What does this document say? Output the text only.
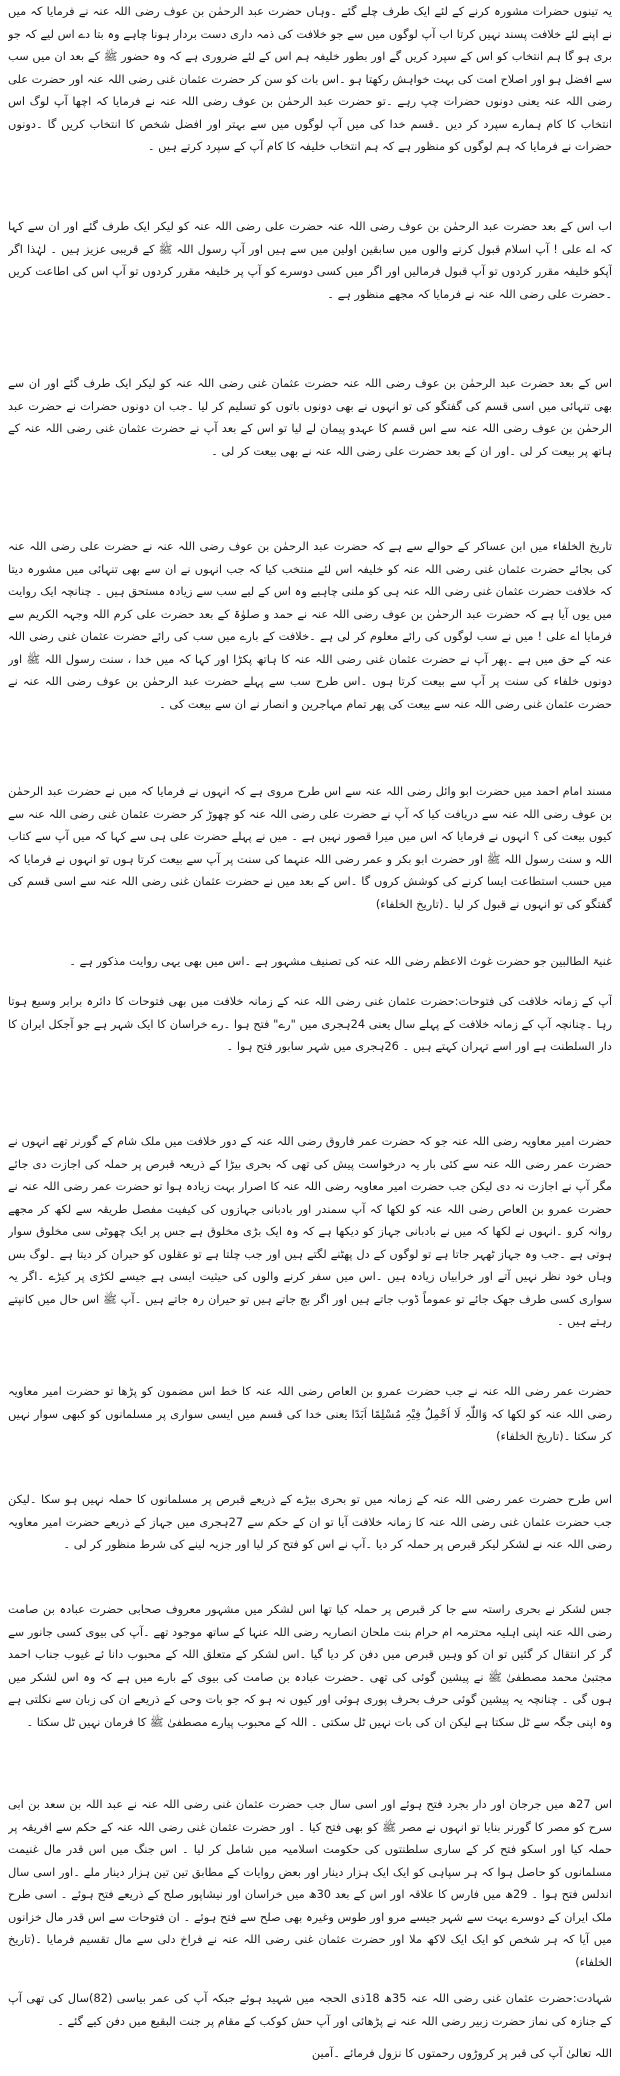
یہ تینوں حضرات مشورہ کرنے کے لئے ایک طرف چلے گئے ۔وہاں حضرت عبد الرحمٰن بن عوف رضی اللہ عنہ نے فرمایا کہ میں نے اپنے لئے خلافت پسند نہیں کرتا اب آپ لوگوں میں سے جو خلافت کی ذمہ داری دست بردار ہونا چاہے وہ بتا دے اس لیے کہ جو بری ہو گا ہم انتخاب کو اس کے سپرد کریں گے اور بطور خلیفہ ہم اس کے لئے ضروری ہے کہ وہ حضور ﷺ کے بعد ان میں سب سے افضل ہو اور اصلاح امت کی بہت خواہش رکھتا ہو ۔اس بات کو سن کر حضرت عثمان غنی رضی اللہ عنہ اور حضرت علی رضی اللہ عنہ یعنی دونوں حضرات چپ رہے ۔تو حضرت عبد الرحمٰن بن عوف رضی اللہ عنہ نے فرمایا کہ اچھا آپ لوگ اس انتخاب کا کام ہمارے سپرد کر دیں ۔قسم خدا کی میں آپ لوگوں میں سے بہتر اور افضل شخص کا انتخاب کریں گا ۔دونوں حضرات نے فرمایا کہ ہم لوگوں کو منظور ہے کہ ہم انتخاب خلیفہ کا کام آپ کے سپرد کرتے ہیں ۔

اب اس کے بعد حضرت عبد الرحمٰن بن عوف رضی اللہ عنہ حضرت علی رضی اللہ عنہ کو لیکر ایک طرف گئے اور ان سے کہا کہ اے علی ! آپ اسلام قبول کرنے والوں میں سابقین اولین میں سے ہیں اور آپ رسول اللہ ﷺ کے قریبی عزیز ہیں ۔ لہٰذا اگر آپکو خلیفہ مقرر کردوں تو آپ قبول فرمالیں اور اگر میں کسی دوسرے کو آپ پر خلیفہ مقرر کردوں تو آپ اس کی اطاعت کریں ۔حضرت علی رضی اللہ عنہ نے فرمایا کہ مجھے منظور ہے ۔

اس کے بعد حضرت عبد الرحمٰن بن عوف رضی اللہ عنہ حضرت عثمان غنی رضی اللہ عنہ کو لیکر ایک طرف گئے اور ان سے بھی تنہائی میں اسی قسم کی گفتگو کی تو انہوں نے بھی دونوں باتوں کو تسلیم کر لیا ۔جب ان دونوں حضرات نے حضرت عبد الرحمٰن بن عوف رضی اللہ عنہ سے اس قسم کا عہدو پیمان لے لیا تو اس کے بعد آپ نے حضرت عثمان غنی رضی اللہ عنہ کے ہاتھ پر بیعت کر لی ۔اور ان کے بعد حضرت علی رضی اللہ عنہ نے بھی بیعت کر لی ۔

تاریخ الخلفاء میں ابن عساکر کے حوالے سے ہے کہ حضرت عبد الرحمٰن بن عوف رضی اللہ عنہ نے حضرت علی رضی اللہ عنہ کی بجائے حضرت عثمان غنی رضی اللہ عنہ کو خلیفہ اس لئے منتخب کیا کہ جب انہوں نے ان سے بھی تنہائی میں مشورہ دیتا کہ خلافت حضرت عثمان غنی رضی اللہ عنہ ہی کو ملنی چاہیے وہ اس کے لیے سب سے زیادہ مستحق ہیں ۔ چنانچہ ایک روایت میں یوں آیا ہے کہ حضرت عبد الرحمٰن بن عوف رضی اللہ عنہ نے حمد و صلوٰۃ کے بعد حضرت علی کرم اللہ وجہہ الکریم سے فرمایا اے علی ! میں نے سب لوگوں کی رائے معلوم کر لی ہے ۔خلافت کے بارے میں سب کی رائے حضرت عثمان غنی رضی اللہ عنہ کے حق میں ہے ۔پھر آپ نے حضرت عثمان غنی رضی اللہ عنہ کا ہاتھ پکڑا اور کہا کہ میں خدا ، سنت رسول اللہ ﷺ اور دونوں خلفاء کی سنت پر آپ سے بیعت کرتا ہوں ۔اس طرح سب سے پہلے حضرت عبد الرحمٰن بن عوف رضی اللہ عنہ نے حضرت عثمان غنی رضی اللہ عنہ سے بیعت کی پھر تمام مہاجرین و انصار نے ان سے بیعت کی ۔

مسند امام احمد میں حضرت ابو وائل رضی اللہ عنہ سے اس طرح مروی ہے کہ انہوں نے فرمایا کہ میں نے حضرت عبد الرحمٰن بن عوف رضی اللہ عنہ سے دریافت کیا کہ آپ نے حضرت علی رضی اللہ عنہ کو چھوڑ کر حضرت عثمان غنی رضی اللہ عنہ سے کیوں بیعت کی ؟ انہوں نے فرمایا کہ اس میں میرا قصور نہیں ہے ۔ میں نے پہلے حضرت علی ہی سے کہا کہ میں آپ سے کتاب اللہ و سنت رسول اللہ ﷺ اور حضرت ابو بکر و عمر رضی اللہ عنہما کی سنت پر آپ سے بیعت کرتا ہوں تو انہوں نے فرمایا کہ میں حسب استطاعت ایسا کرنے کی کوشش کروں گا ۔اس کے بعد میں نے حضرت عثمان غنی رضی اللہ عنہ سے اسی قسم کی گفتگو کی تو انہوں نے قبول کر لیا ۔(تاریخ الخلفاء)

غنیۃ الطالبین جو حضرت غوث الاعظم رضی اللہ عنہ کی تصنیف مشہور ہے ۔اس میں بھی یہی روایت مذکور ہے ۔

آپ کے زمانہ خلافت کی فتوحات:حضرت عثمان غنی رضی اللہ عنہ کے زمانہ خلافت میں بھی فتوحات کا دائرہ برابر وسیع ہوتا رہا ۔چنانچہ آپ کے زمانہ خلافت کے پہلے سال یعنی 24ہجری میں "رے" فتح ہوا ۔رے خراسان کا ایک شہر ہے جو آجکل ایران کا دار السلطنت ہے اور اسے تہران کہتے ہیں ۔ 26ہجری میں شہر سابور فتح ہوا ۔

حضرت امیر معاویہ رضی اللہ عنہ جو کہ حضرت عمر فاروق رضی اللہ عنہ کے دور خلافت میں ملک شام کے گورنر تھے انہوں نے حضرت عمر رضی اللہ عنہ سے کئی بار یہ درخواست پیش کی تھی کہ بحری بیڑا کے ذریعہ قبرص پر حملہ کی اجازت دی جائے مگر آپ نے اجازت نہ دی لیکن جب حضرت امیر معاویہ رضی اللہ عنہ کا اصرار بہت زیادہ ہوا تو حضرت عمر رضی اللہ عنہ نے حضرت عمرو بن العاص رضی اللہ عنہ کو لکھا کہ آپ سمندر اور بادبانی جہازوں کی کیفیت مفصل طریقہ سے لکھ کر مجھے روانہ کرو ۔انہوں نے لکھا کہ میں نے بادبانی جہاز کو دیکھا ہے کہ وہ ایک بڑی مخلوق ہے جس پر ایک چھوٹی سی مخلوق سوار ہوتی ہے ۔جب وہ جہاز ٹھہر جاتا ہے تو لوگوں کے دل پھٹنے لگتے ہیں اور جب چلتا ہے تو عقلوں کو حیران کر دیتا ہے ۔لوگ بس وہاں خود نظر نہیں آتے اور خرابیاں زیادہ ہیں ۔اس میں سفر کرنے والوں کی حیثیت ایسی ہے جیسے لکڑی پر کیڑے ۔اگر یہ سواری کسی طرف جھک جائے تو عموماً ڈوب جاتے ہیں اور اگر بچ جاتے ہیں تو حیران رہ جاتے ہیں ۔آپ ﷺ اس حال میں کانپتے رہتے ہیں ۔

حضرت عمر رضی اللہ عنہ نے جب حضرت عمرو بن العاص رضی اللہ عنہ کا خط اس مضمون کو پڑھا تو حضرت امیر معاویہ رضی اللہ عنہ کو لکھا کہ وَاللّٰہِ لَا اَحْمِلُ فِیْہِ مُسْلِمًا اَبَدًا یعنی خدا کی قسم میں ایسی سواری پر مسلمانوں کو کبھی سوار نہیں کر سکتا ۔(تاریخ الخلفاء)

اس طرح حضرت عمر رضی اللہ عنہ کے زمانہ میں تو بحری بیڑے کے ذریعے قبرص پر مسلمانوں کا حملہ نہیں ہو سکا ۔لیکن جب حضرت عثمان غنی رضی اللہ عنہ کا زمانہ خلافت آیا تو ان کے حکم سے 27ہجری میں جہاز کے ذریعے حضرت امیر معاویہ رضی اللہ عنہ نے لشکر لیکر قبرص پر حملہ کر دیا ۔آپ نے اس کو فتح کر لیا اور جزیہ لینے کی شرط منظور کر لی ۔

جس لشکر نے بحری راستہ سے جا کر قبرص پر حملہ کیا تھا اس لشکر میں مشہور معروف صحابی حضرت عبادہ بن صامت رضی اللہ عنہ اپنی اہلیہ محترمہ ام حرام بنت ملحان انصاریہ رضی اللہ عنہا کے ساتھ موجود تھے ۔آپ کی بیوی کسی جانور سے گر کر انتقال کر گئیں تو ان کو وہیں قبرص میں دفن کر دیا گیا ۔اس لشکر کے متعلق اللہ کے محبوب دانا ئے غیوب جناب احمد مجتبیٰ محمد مصطفیٰ ﷺ نے پیشین گوئی کی تھی ۔حضرت عبادہ بن صامت کی بیوی کے بارے میں ہے کہ وہ اس لشکر میں ہوں گی ۔ چنانچہ یہ پیشین گوئی حرف بحرف پوری ہوئی اور کیوں نہ ہو کہ جو بات وحی کے ذریعے ان کی زبان سے نکلتی ہے وہ اپنی جگہ سے ٹل سکتا ہے لیکن ان کی بات نہیں ٹل سکتی ۔ اللہ کے محبوب پیارے مصطفیٰ ﷺ کا فرمان نہیں ٹل سکتا ۔

اس 27ھ میں جرجان اور دار بجرد فتح ہوئے اور اسی سال جب حضرت عثمان غنی رضی اللہ عنہ نے عبد اللہ بن سعد بن ابی سرح کو مصر کا گورنر بنایا تو انہوں نے مصر ﷺ کو بھی فتح کیا ۔ اور حضرت عثمان غنی رضی اللہ عنہ کے حکم سے افریقہ پر حملہ کیا اور اسکو فتح کر کے ساری سلطنتوں کی حکومت اسلامیہ میں شامل کر لیا ۔ اس جنگ میں اس قدر مال غنیمت مسلمانوں کو حاصل ہوا کہ ہر سپاہی کو ایک ایک ہزار دینار اور بعض روایات کے مطابق تین تین ہزار دینار ملے ۔اور اسی سال اندلس فتح ہوا ۔ 29ھ میں فارس کا علاقہ اور اس کے بعد 30ھ میں خراسان اور نیشاپور صلح کے ذریعے فتح ہوئے ۔ اسی طرح ملک ایران کے دوسرے بہت سے شہر جیسے مرو اور طوس وغیرہ بھی صلح سے فتح ہوئے ۔ ان فتوحات سے اس قدر مال خزانوں میں آیا کہ ہر شخص کو ایک ایک لاکھ ملا اور حضرت عثمان غنی رضی اللہ عنہ نے فراخ دلی سے مال تقسیم فرمایا ۔(تاریخ الخلفاء)

شہادت:حضرت عثمان غنی رضی اللہ عنہ 35ھ 18ذی الحجہ میں شہید ہوئے جبکہ آپ کی عمر بیاسی (82)سال کی تھی آپ کے جنازہ کی نماز حضرت زبیر رضی اللہ عنہ نے پڑھائی اور آپ حش کوکب کے مقام پر جنت البقیع میں دفن کیے گئے ۔

اللہ تعالیٰ آپ کی قبر پر کروڑوں رحمتوں کا نزول فرمائے ۔آمین
